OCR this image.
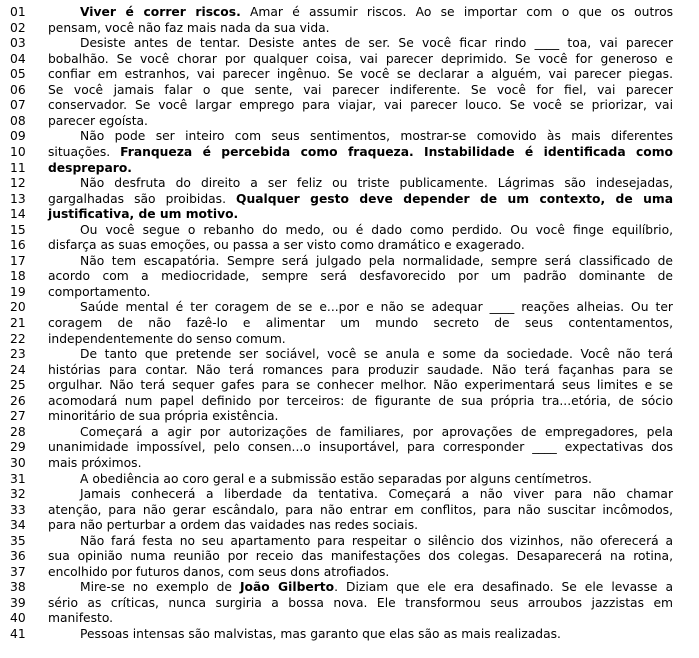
01	Viver é correr riscos. Amar é assumir riscos. Ao se importar com o que os outros
02	pensam, você não faz mais nada da sua vida.
03	Desiste antes de tentar. Desiste antes de ser. Se você ficar rindo ____ toa, vai parecer
04	bobalhão. Se você chorar por qualquer coisa, vai parecer deprimido. Se você for generoso e
05	confiar em estranhos, vai parecer ingênuo. Se você se declarar a alguém, vai parecer piegas.
06	Se você jamais falar o que sente, vai parecer indiferente. Se você for fiel, vai parecer
07	conservador. Se você largar emprego para viajar, vai parecer louco. Se você se priorizar, vai
08	parecer egoísta.
09	Não pode ser inteiro com seus sentimentos, mostrar-se comovido às mais diferentes
10	situações. Franqueza é percebida como fraqueza. Instabilidade é identificada como
11	despreparo.
12	Não desfruta do direito a ser feliz ou triste publicamente. Lágrimas são indesejadas,
13	gargalhadas são proibidas. Qualquer gesto deve depender de um contexto, de uma
14	justificativa, de um motivo.
15	Ou você segue o rebanho do medo, ou é dado como perdido. Ou você finge equilíbrio,
16	disfarça as suas emoções, ou passa a ser visto como dramático e exagerado.
17	Não tem escapatória. Sempre será julgado pela normalidade, sempre será classificado de
18	acordo com a mediocridade, sempre será desfavorecido por um padrão dominante de
19	comportamento.
20	Saúde mental é ter coragem de se e...por e não se adequar ____ reações alheias. Ou ter
21	coragem de não fazê-lo e alimentar um mundo secreto de seus contentamentos,
22	independentemente do senso comum.
23	De tanto que pretende ser sociável, você se anula e some da sociedade. Você não terá
24	histórias para contar. Não terá romances para produzir saudade. Não terá façanhas para se
25	orgulhar. Não terá sequer gafes para se conhecer melhor. Não experimentará seus limites e se
26	acomodará num papel definido por terceiros: de figurante de sua própria tra...etória, de sócio
27	minoritário de sua própria existência.
28	Começará a agir por autorizações de familiares, por aprovações de empregadores, pela
29	unanimidade impossível, pelo consen...o insuportável, para corresponder ____ expectativas dos
30	mais próximos.
31	A obediência ao coro geral e a submissão estão separadas por alguns centímetros.
32	Jamais conhecerá a liberdade da tentativa. Começará a não viver para não chamar
33	atenção, para não gerar escândalo, para não entrar em conflitos, para não suscitar incômodos,
34	para não perturbar a ordem das vaidades nas redes sociais.
35	Não fará festa no seu apartamento para respeitar o silêncio dos vizinhos, não oferecerá a
36	sua opinião numa reunião por receio das manifestações dos colegas. Desaparecerá na rotina,
37	encolhido por futuros danos, com seus dons atrofiados.
38	Mire-se no exemplo de João Gilberto. Diziam que ele era desafinado. Se ele levasse a
39	sério as críticas, nunca surgiria a bossa nova. Ele transformou seus arroubos jazzistas em
40	manifesto.
41	Pessoas intensas são malvistas, mas garanto que elas são as mais realizadas.
